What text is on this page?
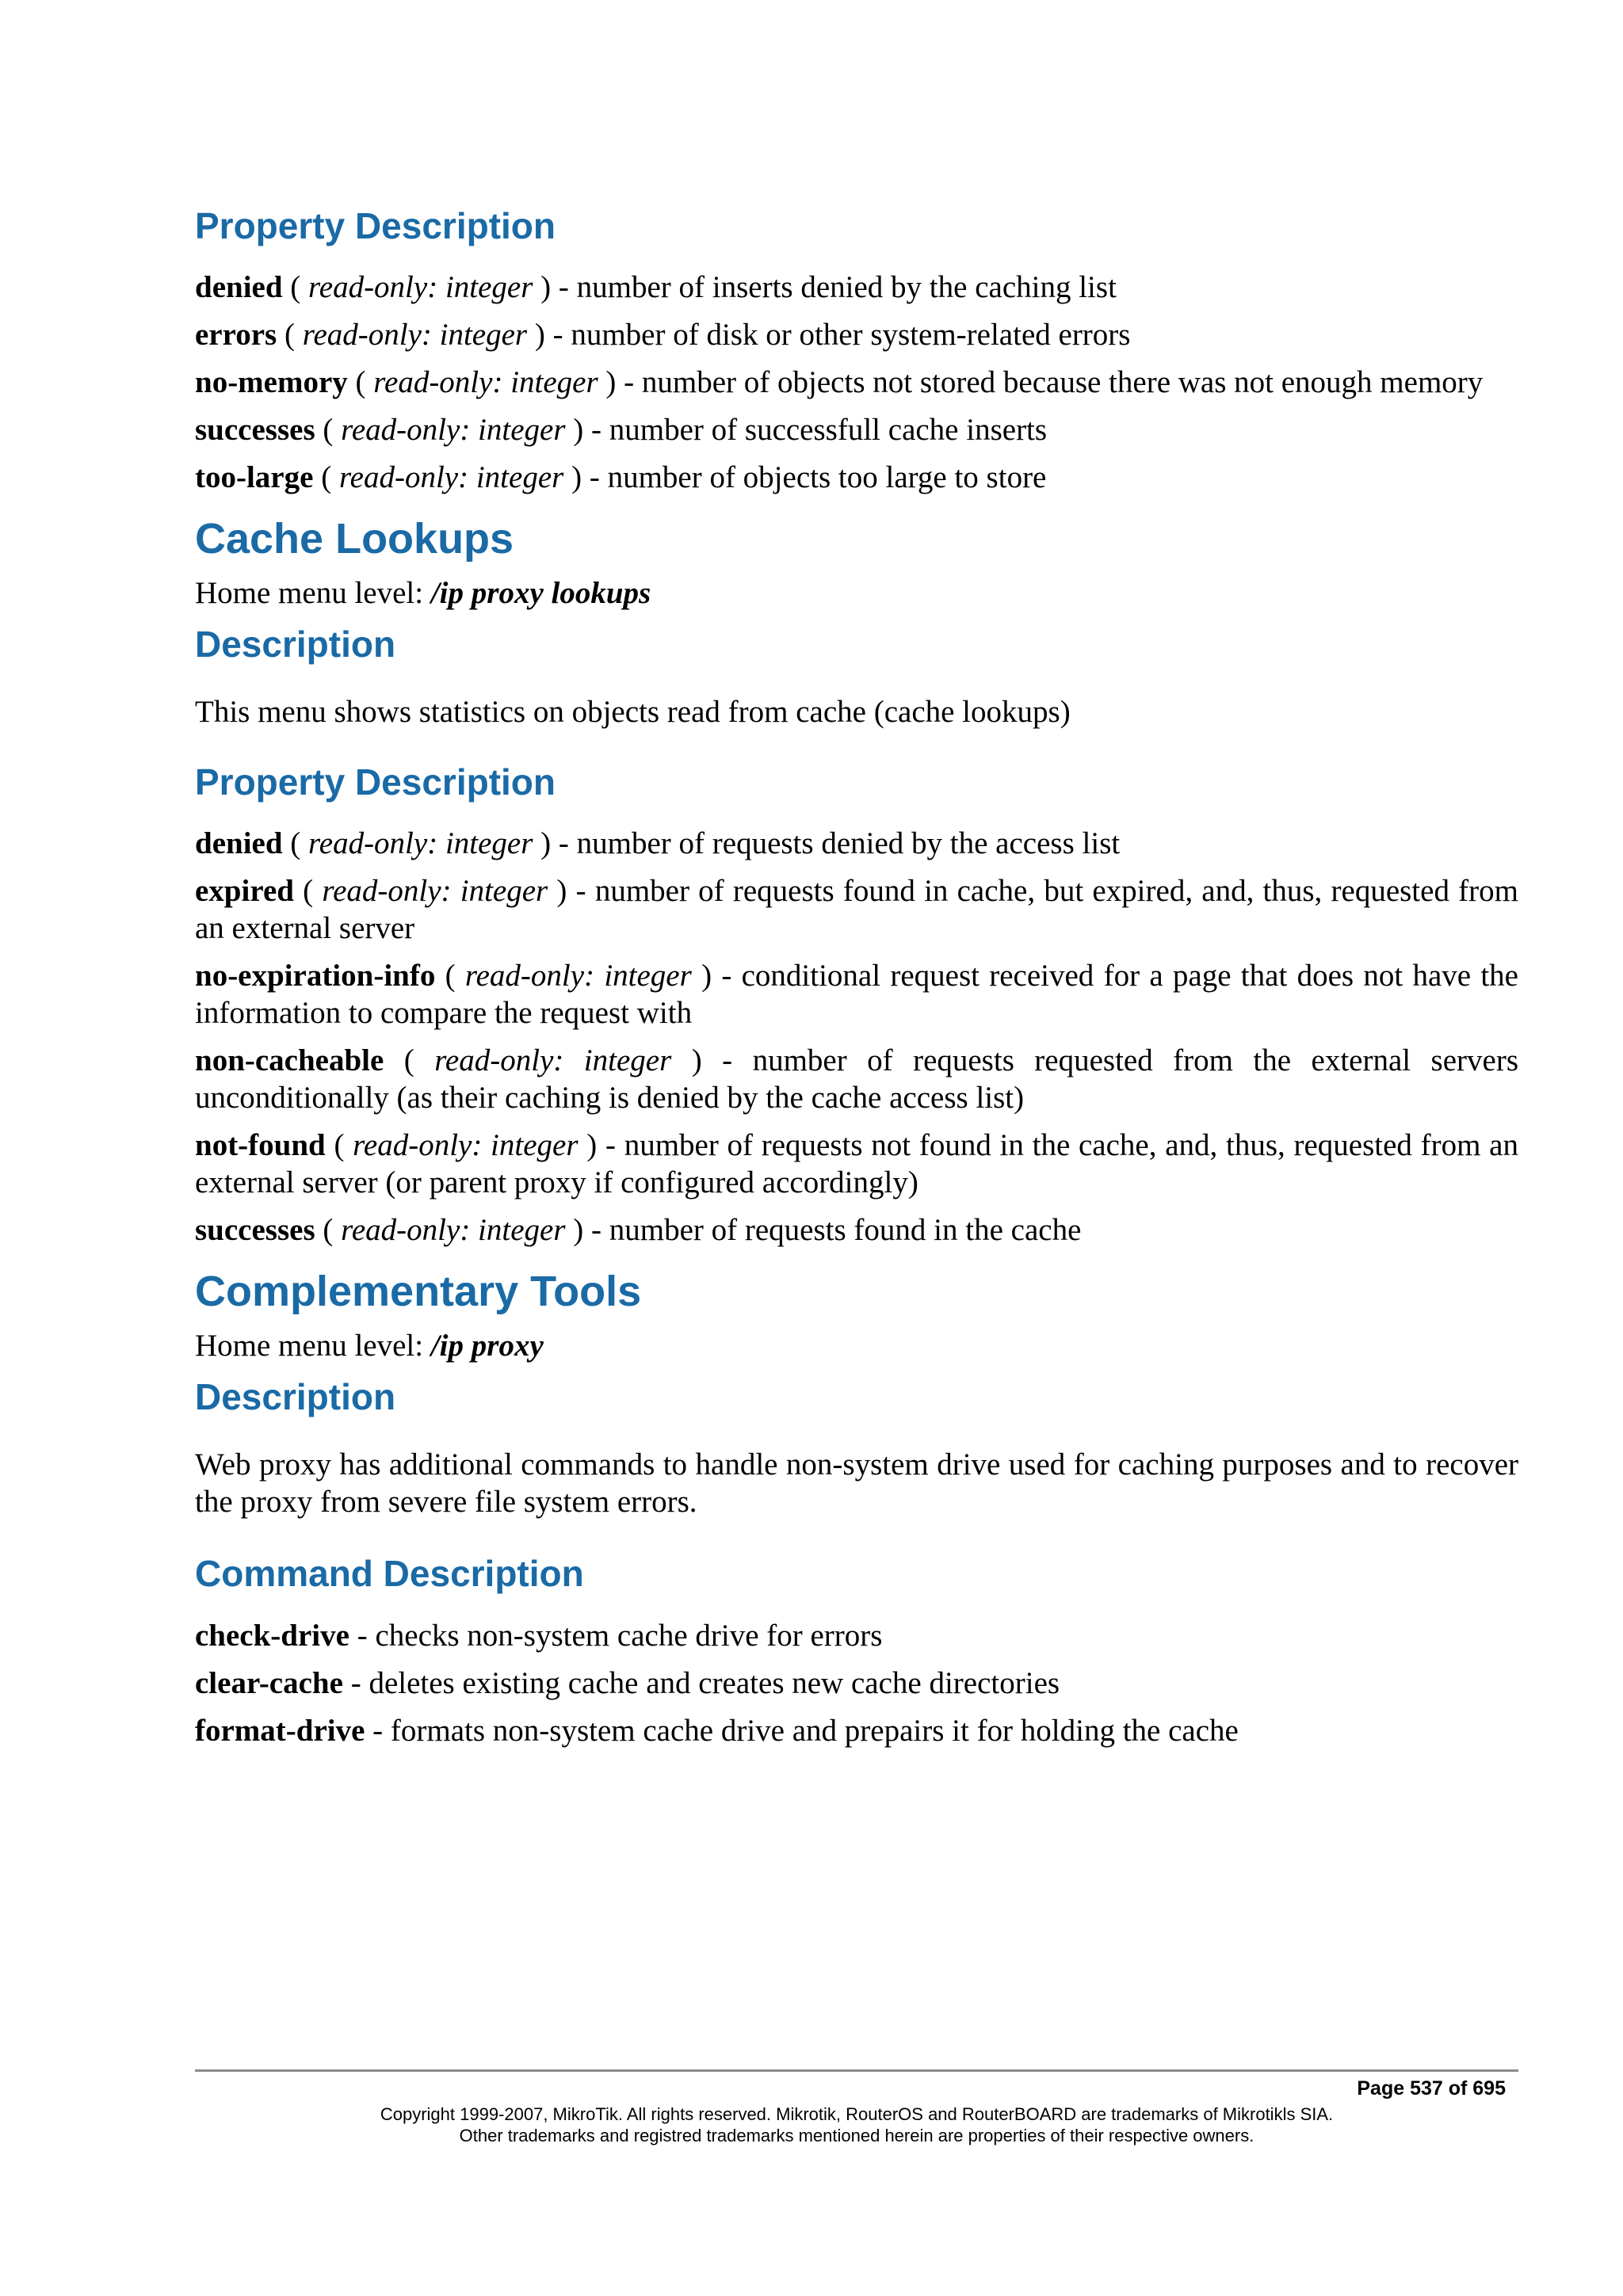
Property Description

denied ( read-only: integer ) - number of inserts denied by the caching list

errors ( read-only: integer ) - number of disk or other system-related errors

no-memory ( read-only: integer ) - number of objects not stored because there was not enough memory

successes ( read-only: integer ) - number of successfull cache inserts

too-large ( read-only: integer ) - number of objects too large to store

Cache Lookups

Home menu level: /ip proxy lookups

Description

This menu shows statistics on objects read from cache (cache lookups)

Property Description

denied ( read-only: integer ) - number of requests denied by the access list

expired ( read-only: integer ) - number of requests found in cache, but expired, and, thus, requested from an external server

no-expiration-info ( read-only: integer ) - conditional request received for a page that does not have the information to compare the request with

non-cacheable ( read-only: integer ) - number of requests requested from the external servers unconditionally (as their caching is denied by the cache access list)

not-found ( read-only: integer ) - number of requests not found in the cache, and, thus, requested from an external server (or parent proxy if configured accordingly)

successes ( read-only: integer ) - number of requests found in the cache

Complementary Tools

Home menu level: /ip proxy

Description

Web proxy has additional commands to handle non-system drive used for caching purposes and to recover the proxy from severe file system errors.

Command Description

check-drive - checks non-system cache drive for errors

clear-cache - deletes existing cache and creates new cache directories

format-drive - formats non-system cache drive and prepairs it for holding the cache

Page 537 of 695
Copyright 1999-2007, MikroTik. All rights reserved. Mikrotik, RouterOS and RouterBOARD are trademarks of Mikrotikls SIA.
Other trademarks and registred trademarks mentioned herein are properties of their respective owners.
